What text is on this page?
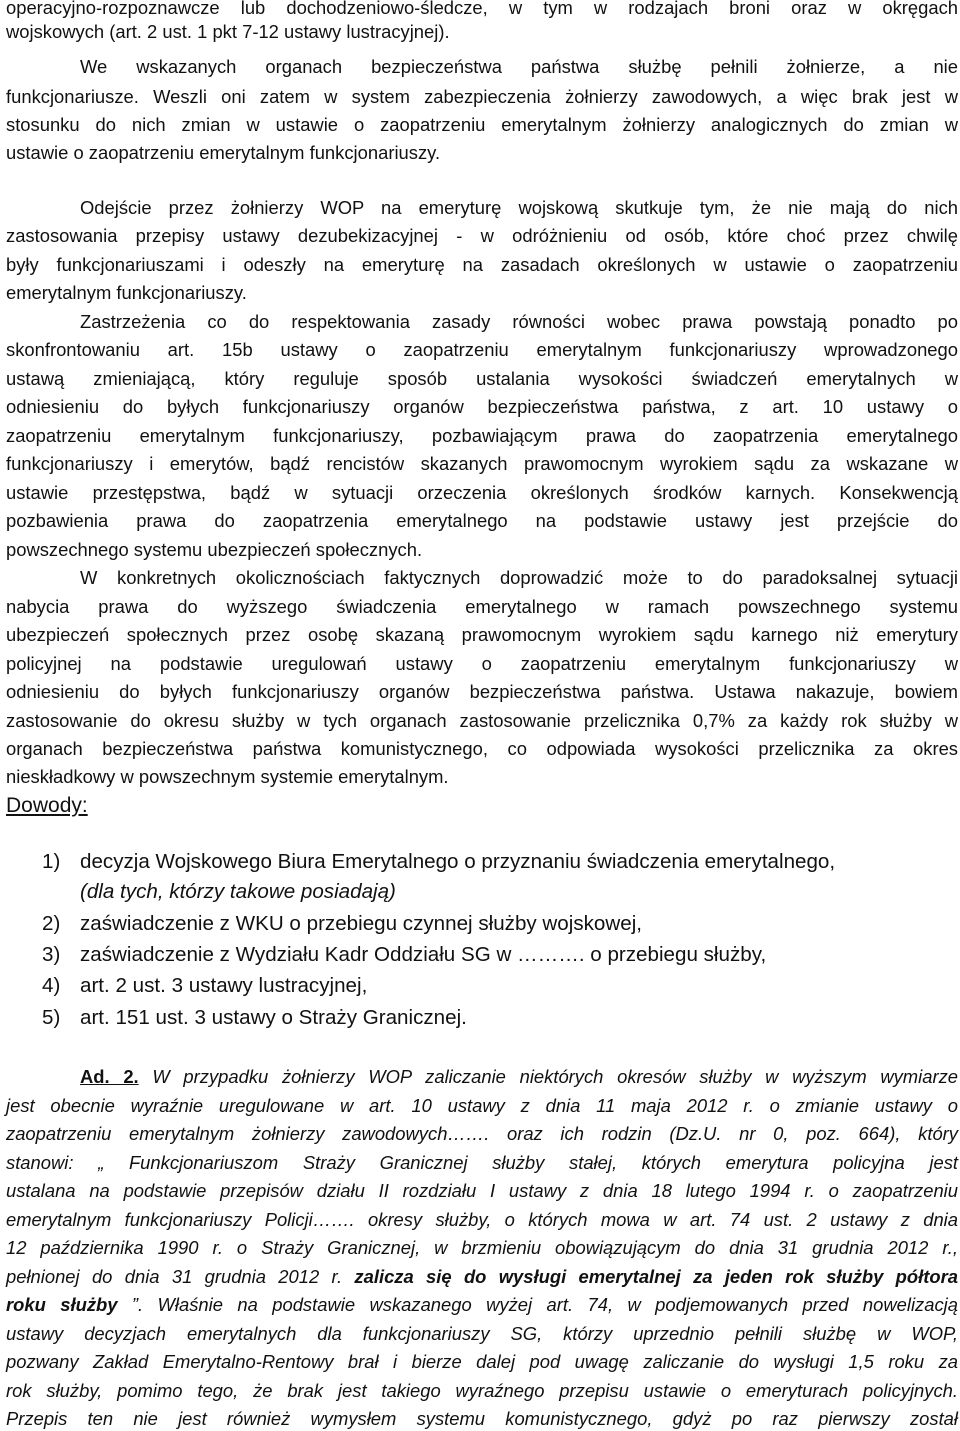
operacyjno-rozpoznawcze lub dochodzeniowo-śledcze, w tym w rodzajach broni oraz w okręgach

wojskowych (art. 2 ust. 1 pkt 7-12 ustawy lustracyjnej).

We wskazanych organach bezpieczeństwa państwa służbę pełnili żołnierze, a nie

funkcjonariusze. Weszli oni zatem w system zabezpieczenia żołnierzy zawodowych, a więc brak jest w

stosunku do nich zmian w ustawie o zaopatrzeniu emerytalnym żołnierzy analogicznych do zmian w

ustawie o zaopatrzeniu emerytalnym funkcjonariuszy.

Odejście przez żołnierzy WOP na emeryturę wojskową skutkuje tym, że nie mają do nich

zastosowania przepisy ustawy dezubekizacyjnej - w odróżnieniu od osób, które choć przez chwilę

były funkcjonariuszami i odeszły na emeryturę na zasadach określonych w ustawie o zaopatrzeniu

emerytalnym funkcjonariuszy.

Zastrzeżenia co do respektowania zasady równości wobec prawa powstają ponadto po

skonfrontowaniu art. 15b ustawy o zaopatrzeniu emerytalnym funkcjonariuszy wprowadzonego

ustawą zmieniającą, który reguluje sposób ustalania wysokości świadczeń emerytalnych w

odniesieniu do byłych funkcjonariuszy organów bezpieczeństwa państwa, z art. 10 ustawy o

zaopatrzeniu emerytalnym funkcjonariuszy, pozbawiającym prawa do zaopatrzenia emerytalnego

funkcjonariuszy i emerytów, bądź rencistów skazanych prawomocnym wyrokiem sądu za wskazane w

ustawie przestępstwa, bądź w sytuacji orzeczenia określonych środków karnych. Konsekwencją

pozbawienia prawa do zaopatrzenia emerytalnego na podstawie ustawy jest przejście do

powszechnego systemu ubezpieczeń społecznych.

W konkretnych okolicznościach faktycznych doprowadzić może to do paradoksalnej sytuacji

nabycia prawa do wyższego świadczenia emerytalnego w ramach powszechnego systemu

ubezpieczeń społecznych przez osobę skazaną prawomocnym wyrokiem sądu karnego niż emerytury

policyjnej na podstawie uregulowań ustawy o zaopatrzeniu emerytalnym funkcjonariuszy w

odniesieniu do byłych funkcjonariuszy organów bezpieczeństwa państwa. Ustawa nakazuje, bowiem

zastosowanie do okresu służby w tych organach zastosowanie przelicznika 0,7% za każdy rok służby w

organach bezpieczeństwa państwa komunistycznego, co odpowiada wysokości przelicznika za okres

nieskładkowy w powszechnym systemie emerytalnym.

Dowody:

1) decyzja Wojskowego Biura Emerytalnego o przyznaniu świadczenia emerytalnego,
(dla tych, którzy takowe posiadają)
2) zaświadczenie z WKU o przebiegu czynnej służby wojskowej,
3) zaświadczenie z Wydziału Kadr Oddziału SG w ………. o przebiegu służby,
4) art. 2 ust. 3 ustawy lustracyjnej,
5) art. 151 ust. 3 ustawy o Straży Granicznej.

Ad. 2. W przypadku żołnierzy WOP zaliczanie niektórych okresów służby w wyższym wymiarze

jest obecnie wyraźnie uregulowane w art. 10 ustawy z dnia 11 maja 2012 r. o zmianie ustawy o

zaopatrzeniu emerytalnym żołnierzy zawodowych……. oraz ich rodzin (Dz.U. nr 0, poz. 664), który

stanowi: „ Funkcjonariuszom Straży Granicznej służby stałej, których emerytura policyjna jest

ustalana na podstawie przepisów działu II rozdziału I ustawy z dnia 18 lutego 1994 r. o zaopatrzeniu

emerytalnym funkcjonariuszy Policji……. okresy służby, o których mowa w art. 74 ust. 2 ustawy z dnia

12 października 1990 r. o Straży Granicznej, w brzmieniu obowiązującym do dnia 31 grudnia 2012 r.,

pełnionej do dnia 31 grudnia 2012 r. zalicza się do wysługi emerytalnej za jeden rok służby półtora

roku służby ”. Właśnie na podstawie wskazanego wyżej art. 74, w podjemowanych przed nowelizacją

ustawy decyzjach emerytalnych dla funkcjonariuszy SG, którzy uprzednio pełnili służbę w WOP,

pozwany Zakład Emerytalno-Rentowy brał i bierze dalej pod uwagę zaliczanie do wysługi 1,5 roku za

rok służby, pomimo tego, że brak jest takiego wyraźnego przepisu ustawie o emeryturach policyjnych.

Przepis ten nie jest również wymysłem systemu komunistycznego, gdyż po raz pierwszy został
